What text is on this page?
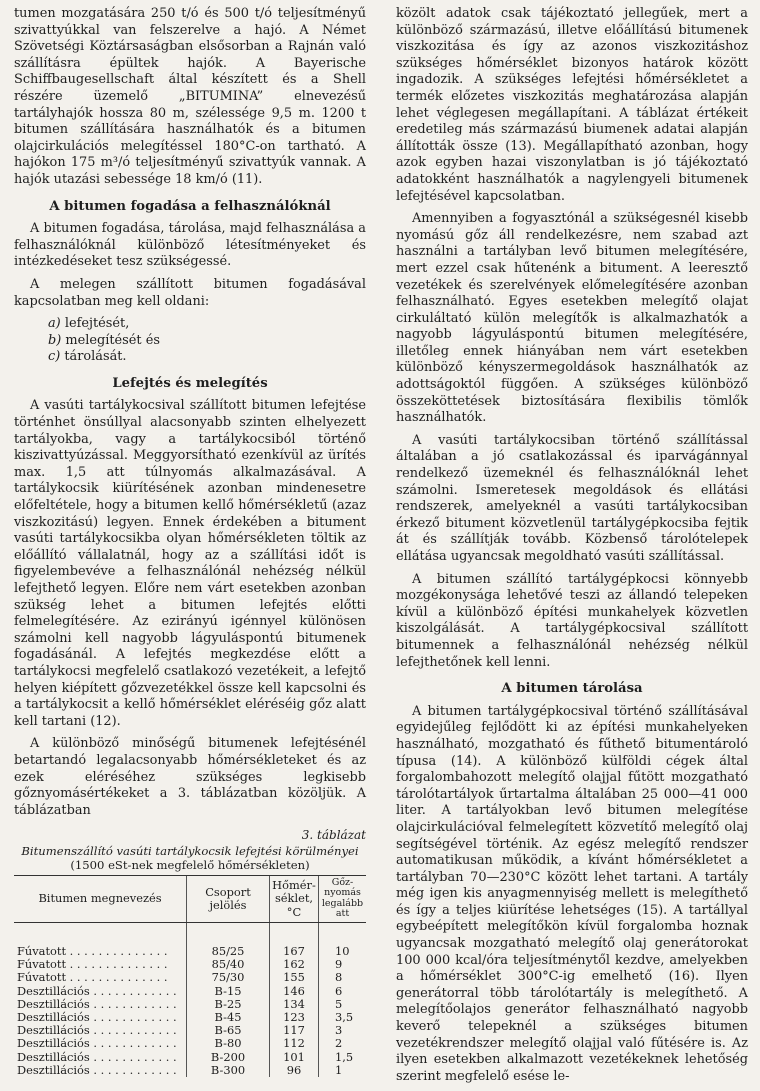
tumen mozgatására 250 t/ó és 500 t/ó teljesítményű szivattyúkkal van felszerelve a hajó. A Német Szövetségi Köztársaságban elsősorban a Rajnán való szállításra épültek hajók. A Bayerische Schiffbaugesellschaft által készített és a Shell részére üzemelő „BITUMINA” elnevezésű tartályhajók hossza 80 m, szélessége 9,5 m. 1200 t bitumen szállítására használhatók és a bitumen olajcirkulációs melegítéssel 180°C-on tartható. A hajókon 175 m³/ó teljesítményű szivattyúk vannak. A hajók utazási sebessége 18 km/ó (11).

A bitumen fogadása a felhasználóknál

A bitumen fogadása, tárolása, majd felhasználása a felhasználóknál különböző létesítményeket és intézkedéseket tesz szükségessé.

A melegen szállított bitumen fogadásával kapcsolatban meg kell oldani:

a) lefejtését,
b) melegítését és
c) tárolását.
Lefejtés és melegítés

A vasúti tartálykocsival szállított bitumen lefejtése történhet önsúllyal alacsonyabb szinten elhelyezett tartályokba, vagy a tartálykocsiból történő kiszivattyúzással. Meggyorsítható ezenkívül az ürítés max. 1,5 att túlnyomás alkalmazásával. A tartálykocsik kiürítésének azonban mindenesetre előfeltétele, hogy a bitumen kellő hőmérsékletű (azaz viszkozitású) legyen. Ennek érdekében a bitument vasúti tartálykocsikba olyan hőmérsékleten töltik az előállító vállalatnál, hogy az a szállítási időt is figyelembevéve a felhasználónál nehézség nélkül lefejthető legyen. Előre nem várt esetekben azonban szükség lehet a bitumen lefejtés előtti felmelegítésére. Az ezirányú igénnyel különösen számolni kell nagyobb lágyuláspontú bitumenek fogadásánál. A lefejtés megkezdése előtt a tartálykocsi megfelelő csatlakozó vezetékeit, a lefejtő helyen kiépített gőzvezetékkel össze kell kapcsolni és a tartálykocsit a kellő hőmérséklet eléréséig gőz alatt kell tartani (12).

A különböző minőségű bitumenek lefejtésénél betartandó legalacsonyabb hőmérsékleteket és az ezek eléréséhez szükséges legkisebb gőznyomásértékeket a 3. táblázatban közöljük. A táblázatban

3. táblázat
Bitumenszállító vasúti tartálykocsik lefejtési körülményei
(1500 eSt-nek megfelelő hőmérsékleten)
Bitumen megnevezés	Csoport jelölés	Hőmér-séklet, °C	Gőz-nyomás legalább att
Fúvatott . . . . . . . . . . . . . .	85/25	167	10
Fúvatott . . . . . . . . . . . . . .	85/40	162	9
Fúvatott . . . . . . . . . . . . . .	75/30	155	8
Desztillációs . . . . . . . . . . . .	B-15	146	6
Desztillációs . . . . . . . . . . . .	B-25	134	5
Desztillációs . . . . . . . . . . . .	B-45	123	3,5
Desztillációs . . . . . . . . . . . .	B-65	117	3
Desztillációs . . . . . . . . . . . .	B-80	112	2
Desztillációs . . . . . . . . . . . .	B-200	101	1,5
Desztillációs . . . . . . . . . . . .	B-300	96	1

közölt adatok csak tájékoztató jellegűek, mert a különböző származású, illetve előállítású bitumenek viszkozitása és így az azonos viszkozitáshoz szükséges hőmérséklet bizonyos határok között ingadozik. A szükséges lefejtési hőmérsékletet a termék előzetes viszkozitás meghatározása alapján lehet véglegesen megállapítani. A táblázat értékeit eredetileg más származású biumenek adatai alapján állították össze (13). Megállapítható azonban, hogy azok egyben hazai viszonylatban is jó tájékoztató adatokként használhatók a nagylengyeli bitumenek lefejtésével kapcsolatban.

Amennyiben a fogyasztónál a szükségesnél kisebb nyomású gőz áll rendelkezésre, nem szabad azt használni a tartályban levő bitumen melegítésére, mert ezzel csak hűtenénk a bitument. A leeresztő vezetékek és szerelvények előmelegítésére azonban felhasználható. Egyes esetekben melegítő olajat cirkuláltató külön melegítők is alkalmazhatók a nagyobb lágyuláspontú bitumen melegítésére, illetőleg ennek hiányában nem várt esetekben különböző kényszermegoldások használhatók az adottságoktól függően. A szükséges különböző összeköttetések biztosítására flexibilis tömlők használhatók.

A vasúti tartálykocsiban történő szállítással általában a jó csatlakozással és iparvágánnyal rendelkező üzemeknél és felhasználóknál lehet számolni. Ismeretesek megoldások és ellátási rendszerek, amelyeknél a vasúti tartálykocsiban érkező bitument közvetlenül tartálygépkocsiba fejtik át és szállítják tovább. Közbenső tárolótelepek ellátása ugyancsak megoldható vasúti szállítással.

A bitumen szállító tartálygépkocsi könnyebb mozgékonysága lehetővé teszi az állandó telepeken kívül a különböző építési munkahelyek közvetlen kiszolgálását. A tartálygépkocsival szállított bitumennek a felhasználónál nehézség nélkül lefejthetőnek kell lenni.

A bitumen tárolása

A bitumen tartálygépkocsival történő szállításával egyidejűleg fejlődött ki az építési munkahelyeken használható, mozgatható és fűthető bitumentároló típusa (14). A különböző külföldi cégek által forgalombahozott melegítő olajjal fűtött mozgatható tárolótartályok űrtartalma általában 25 000—41 000 liter. A tartályokban levő bitumen melegítése olajcirkulációval felmelegített közvetítő melegítő olaj segítségével történik. Az egész melegítő rendszer automatikusan működik, a kívánt hőmérsékletet a tartályban 70—230°C között lehet tartani. A tartály még igen kis anyagmennyiség mellett is melegíthető és így a teljes kiürítése lehetséges (15). A tartállyal egybeépített melegítőkön kívül forgalomba hoznak ugyancsak mozgatható melegítő olaj generátorokat 100 000 kcal/óra teljesítménytől kezdve, amelyekben a hőmérséklet 300°C-ig emelhető (16). Ilyen generátorral több tárolótartály is melegíthető. A melegítőolajos generátor felhasználható nagyobb keverő telepeknél a szükséges bitumen vezetékrendszer melegítő olajjal való fűtésére is. Az ilyen esetekben alkalmazott vezetékeknek lehetőség szerint megfelelő esése le-
